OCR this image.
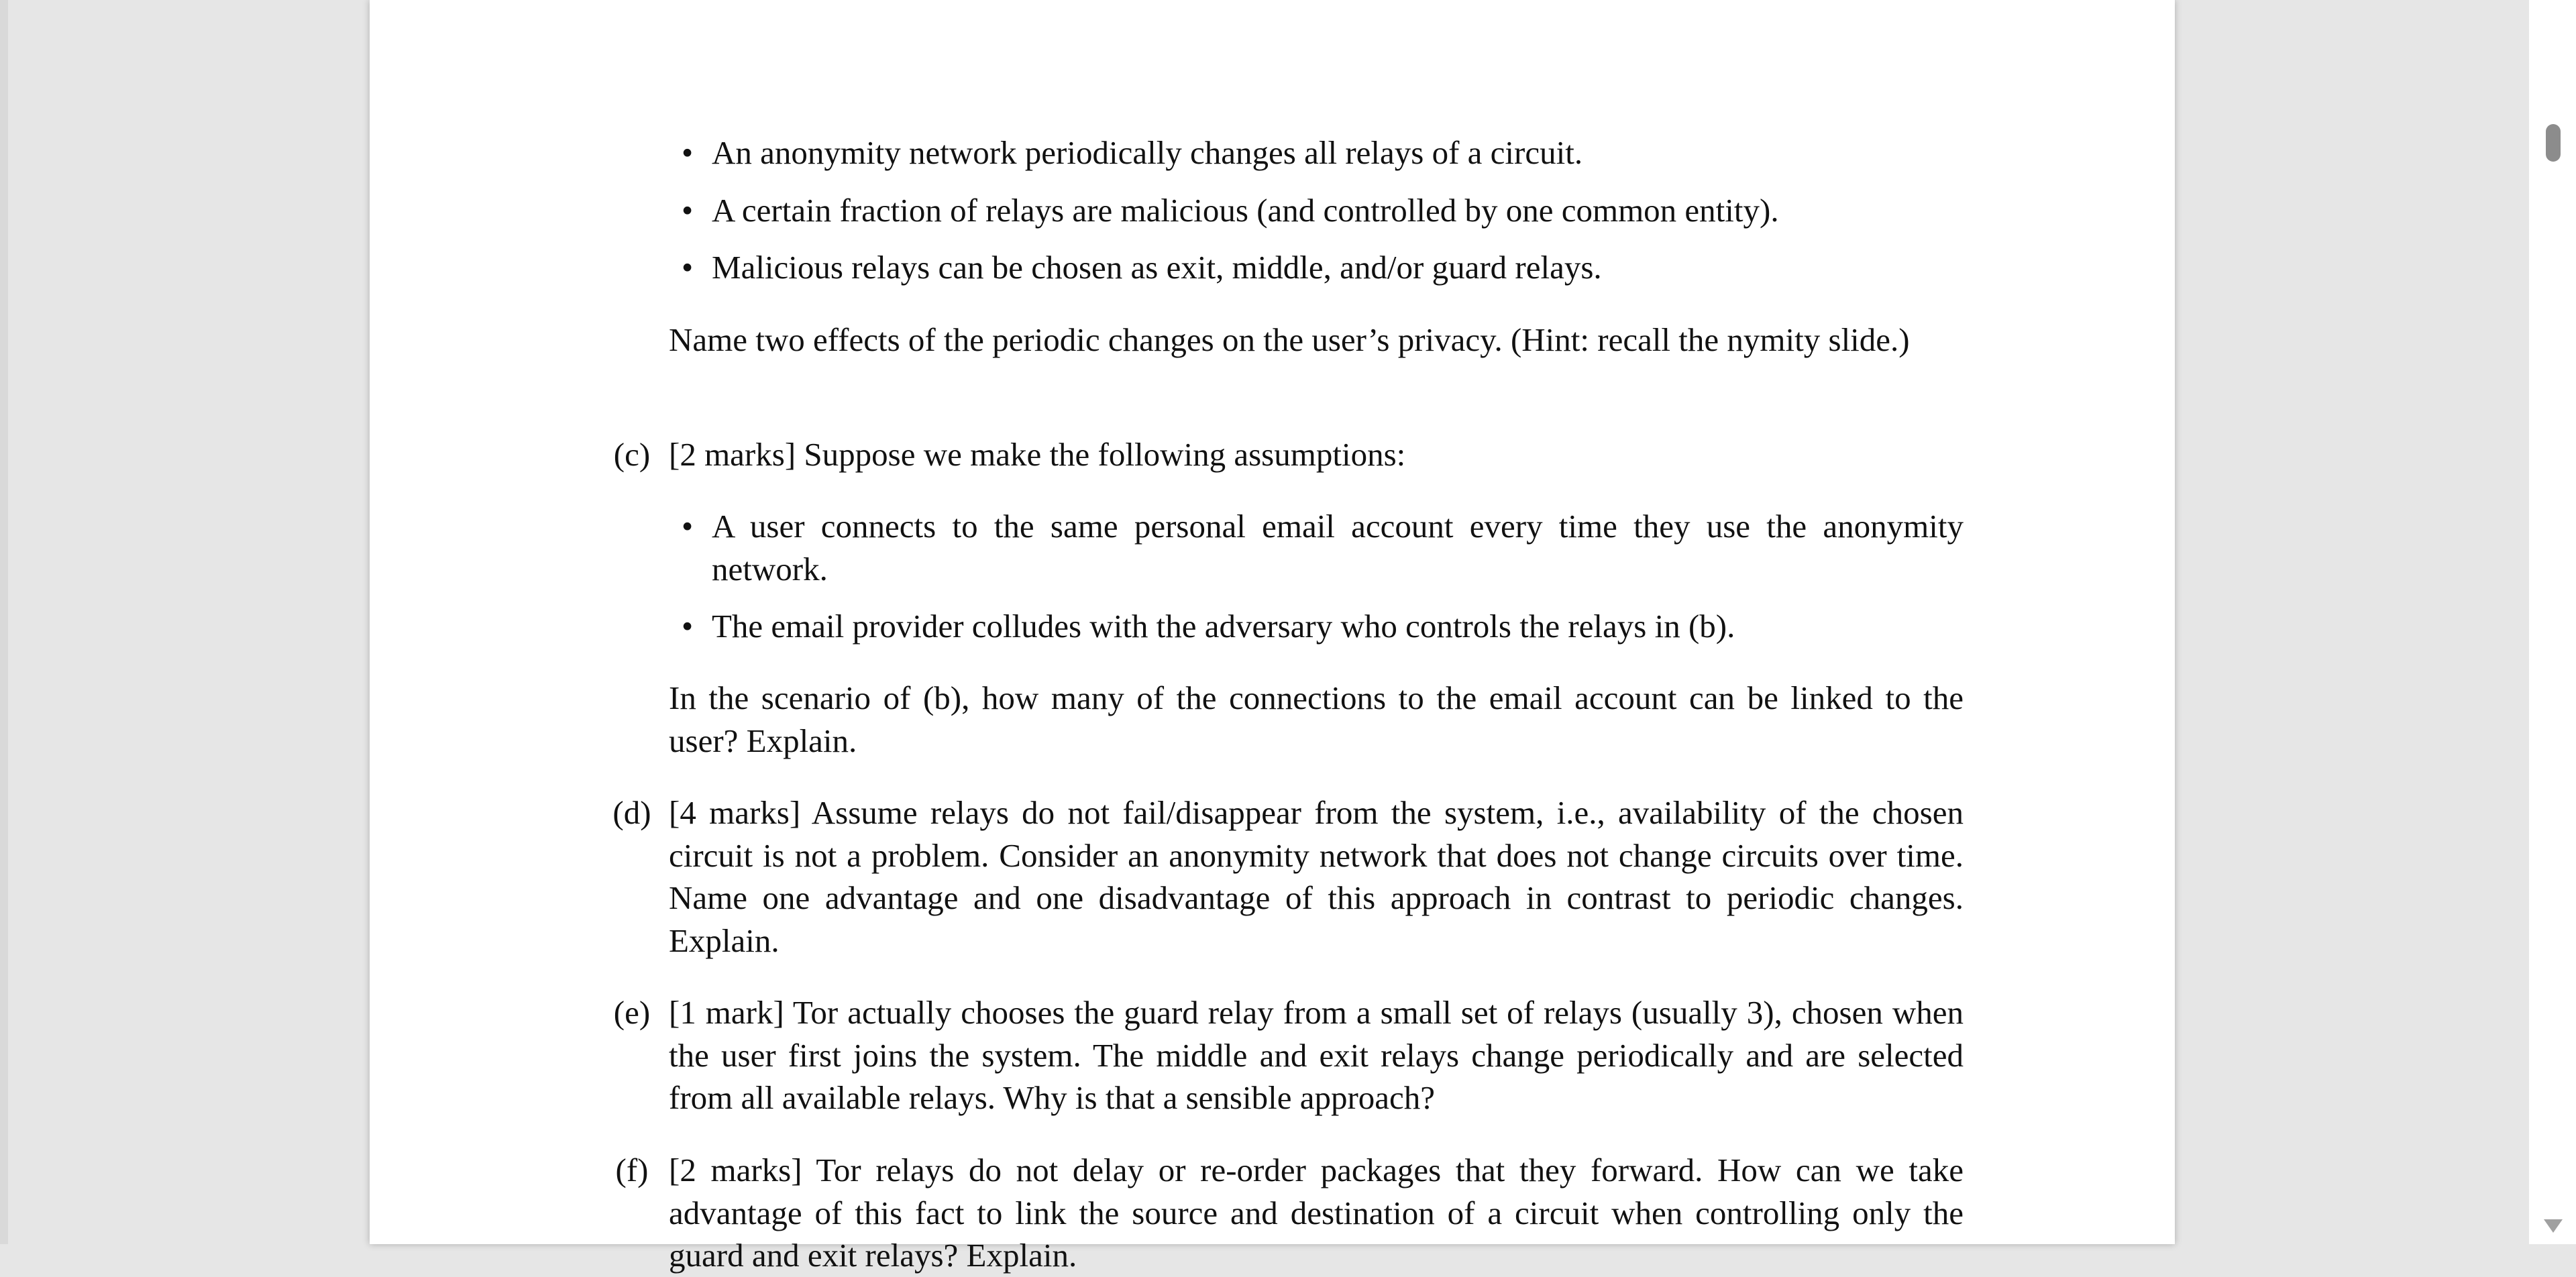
• An anonymity network periodically changes all relays of a circuit.
• A certain fraction of relays are malicious (and controlled by one common entity).
• Malicious relays can be chosen as exit, middle, and/or guard relays.
Name two effects of the periodic changes on the user’s privacy. (Hint: recall the nymity slide.)
(c) [2 marks] Suppose we make the following assumptions:
• A user connects to the same personal email account every time they use the anonymity network.
• The email provider colludes with the adversary who controls the relays in (b).
In the scenario of (b), how many of the connections to the email account can be linked to the user? Explain.
(d) [4 marks] Assume relays do not fail/disappear from the system, i.e., availability of the chosen circuit is not a problem. Consider an anonymity network that does not change circuits over time. Name one advantage and one disadvantage of this approach in contrast to periodic changes. Explain.
(e) [1 mark] Tor actually chooses the guard relay from a small set of relays (usually 3), chosen when the user first joins the system. The middle and exit relays change periodically and are selected from all available relays. Why is that a sensible approach?
(f) [2 marks] Tor relays do not delay or re-order packages that they forward. How can we take advantage of this fact to link the source and destination of a circuit when controlling only the guard and exit relays? Explain.
